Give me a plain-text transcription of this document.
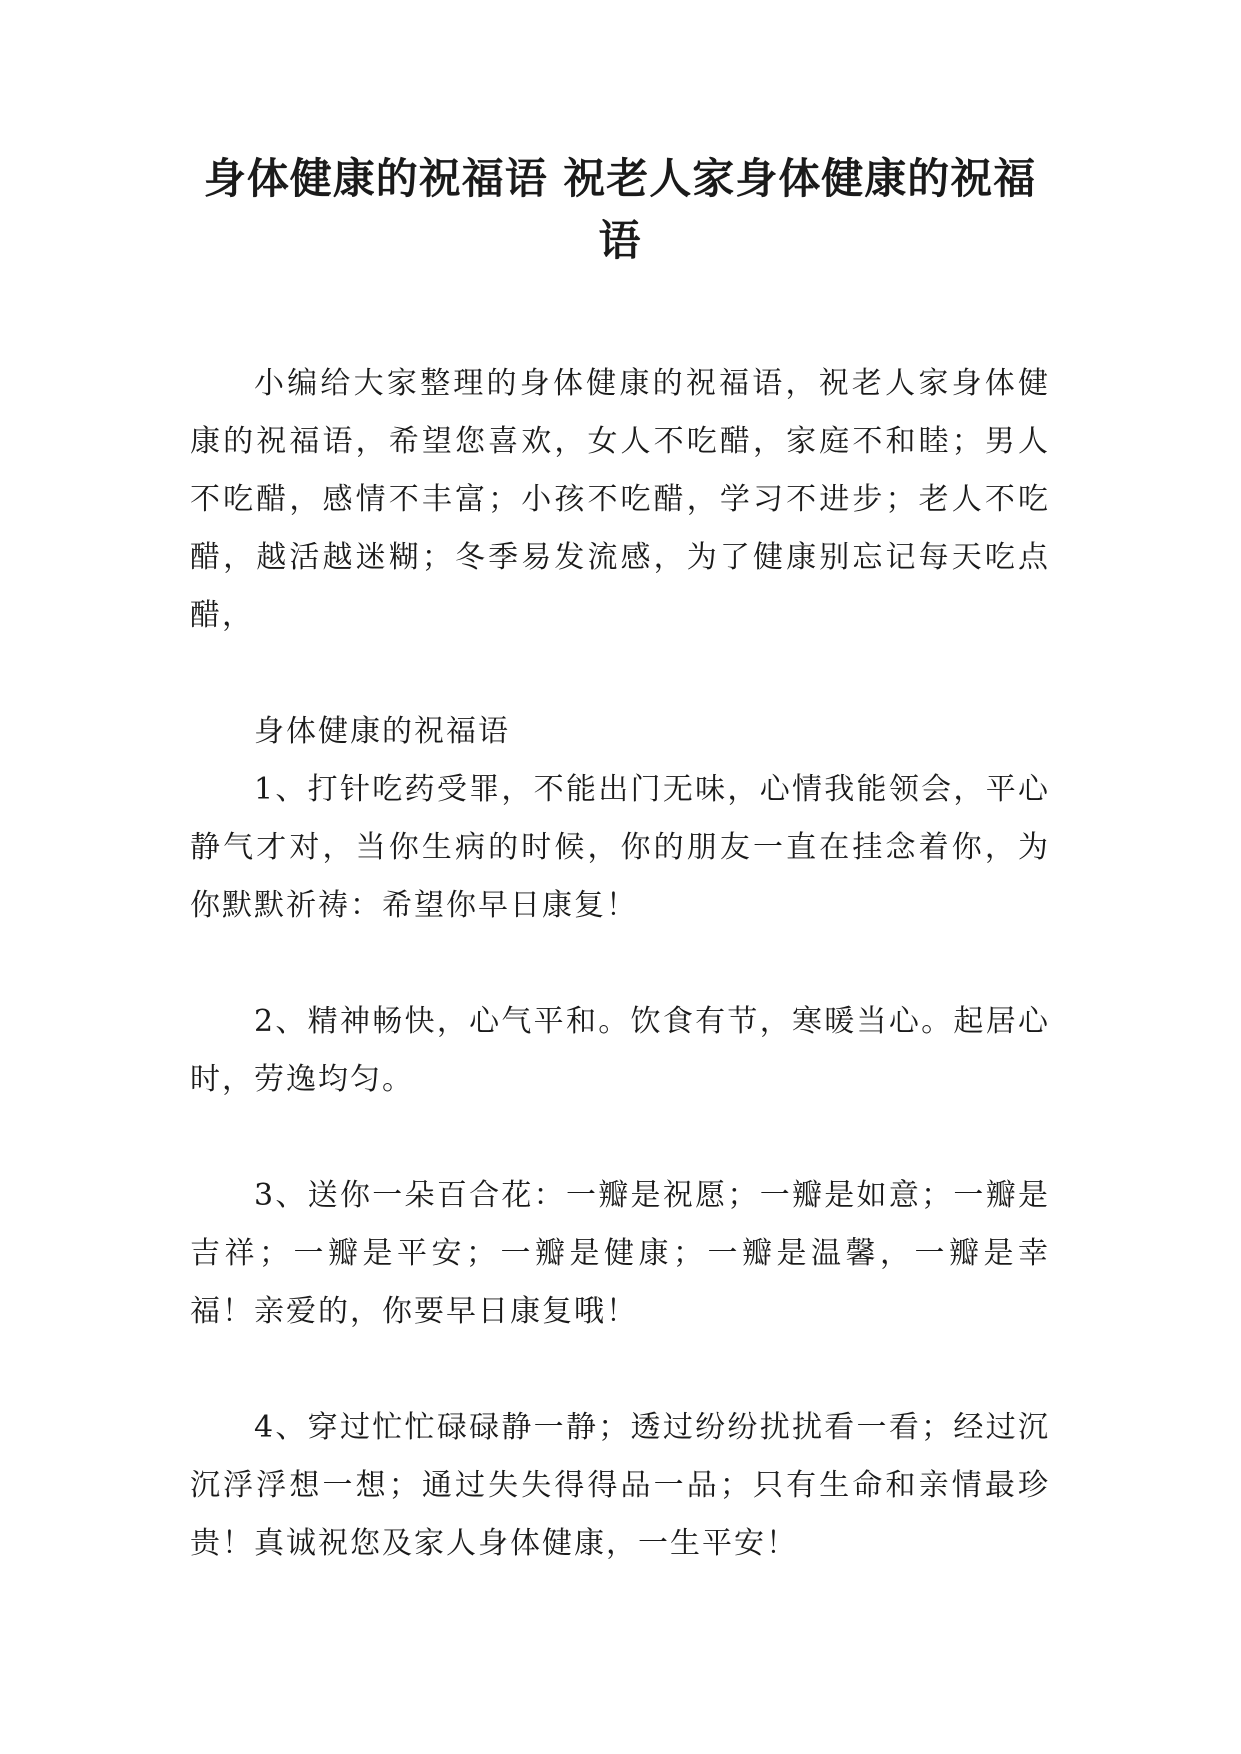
身体健康的祝福语 祝老人家身体健康的祝福语

小编给大家整理的身体健康的祝福语，祝老人家身体健康的祝福语，希望您喜欢，女人不吃醋，家庭不和睦；男人不吃醋，感情不丰富；小孩不吃醋，学习不进步；老人不吃醋，越活越迷糊；冬季易发流感，为了健康别忘记每天吃点醋，

身体健康的祝福语

1、打针吃药受罪，不能出门无味，心情我能领会，平心静气才对，当你生病的时候，你的朋友一直在挂念着你，为你默默祈祷：希望你早日康复！

2、精神畅快，心气平和。饮食有节，寒暖当心。起居心时，劳逸均匀。

3、送你一朵百合花：一瓣是祝愿；一瓣是如意；一瓣是吉祥；一瓣是平安；一瓣是健康；一瓣是温馨，一瓣是幸福！亲爱的，你要早日康复哦！

4、穿过忙忙碌碌静一静；透过纷纷扰扰看一看；经过沉沉浮浮想一想；通过失失得得品一品；只有生命和亲情最珍贵！真诚祝您及家人身体健康，一生平安！
